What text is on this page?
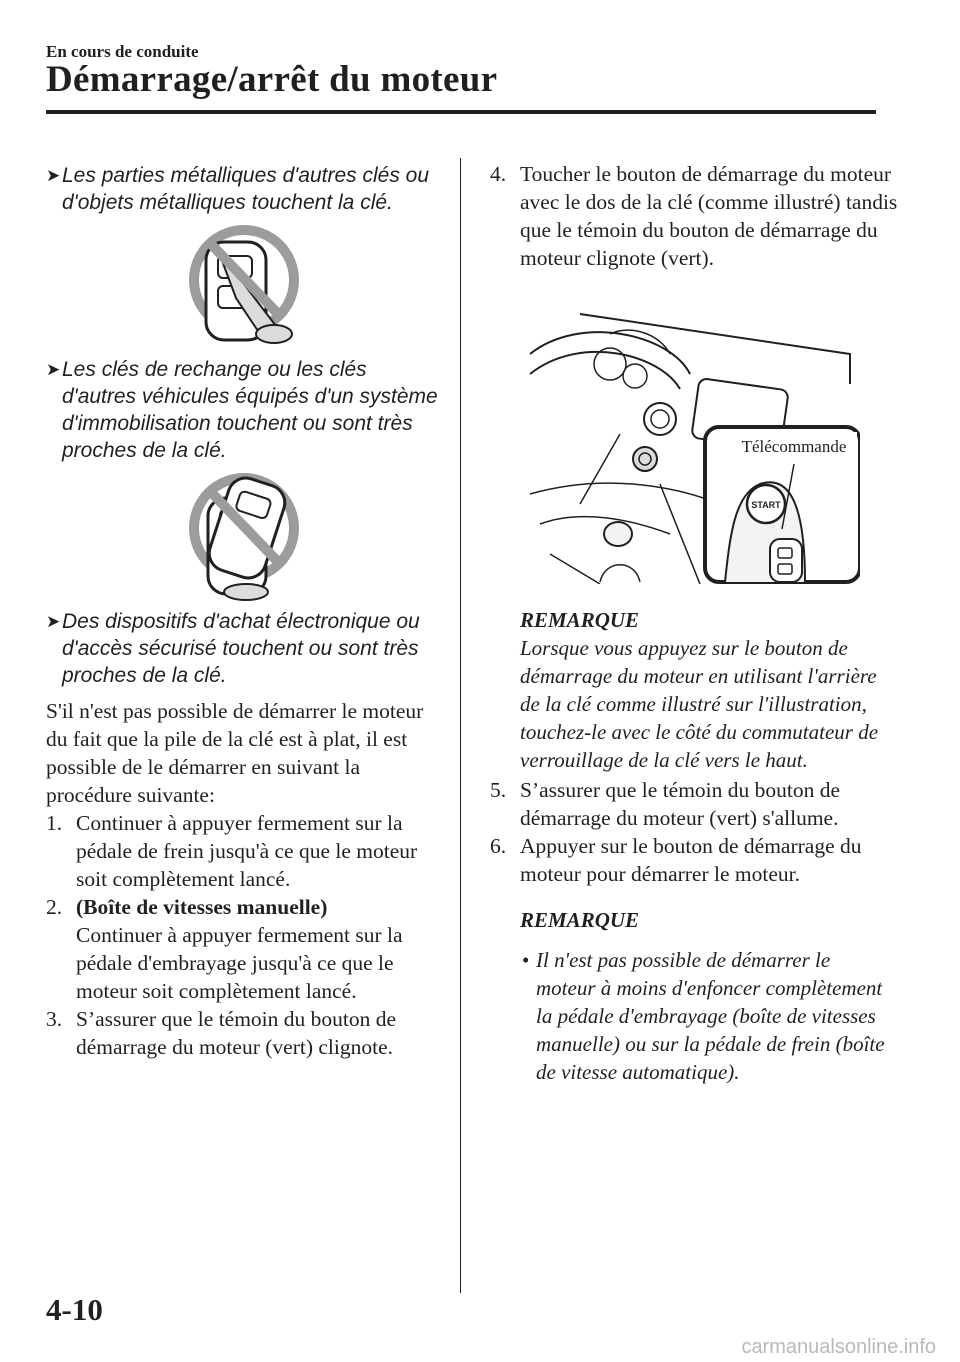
En cours de conduite
Démarrage/arrêt du moteur
➤ Les parties métalliques d'autres clés ou d'objets métalliques touchent la clé.
➤ Les clés de rechange ou les clés d'autres véhicules équipés d'un système d'immobilisation touchent ou sont très proches de la clé.
➤ Des dispositifs d'achat électronique ou d'accès sécurisé touchent ou sont très proches de la clé.
S'il n'est pas possible de démarrer le moteur du fait que la pile de la clé est à plat, il est possible de le démarrer en suivant la procédure suivante:
1. Continuer à appuyer fermement sur la pédale de frein jusqu'à ce que le moteur soit complètement lancé.
2. (Boîte de vitesses manuelle)
Continuer à appuyer fermement sur la pédale d'embrayage jusqu'à ce que le moteur soit complètement lancé.
3. S’assurer que le témoin du bouton de démarrage du moteur (vert) clignote.
4. Toucher le bouton de démarrage du moteur avec le dos de la clé (comme illustré) tandis que le témoin du bouton de démarrage du moteur clignote (vert).
START
Télécommande
REMARQUE
Lorsque vous appuyez sur le bouton de démarrage du moteur en utilisant l'arrière de la clé comme illustré sur l'illustration, touchez-le avec le côté du commutateur de verrouillage de la clé vers le haut.
5. S’assurer que le témoin du bouton de démarrage du moteur (vert) s'allume.
6. Appuyer sur le bouton de démarrage du moteur pour démarrer le moteur.
REMARQUE
• Il n'est pas possible de démarrer le moteur à moins d'enfoncer complètement la pédale d'embrayage (boîte de vitesses manuelle) ou sur la pédale de frein (boîte de vitesse automatique).
4-10
carmanualsonline.info
